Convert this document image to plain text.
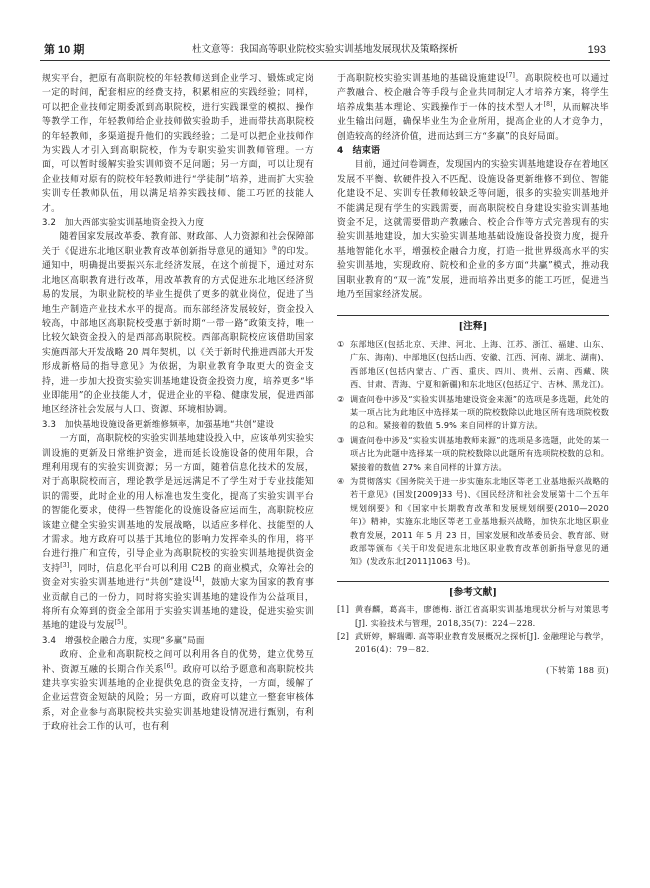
第 10 期	杜文意等：我国高等职业院校实验实训基地发展现状及策略探析	193

规实平台，把原有高职院校的年轻教师送到企业学习、锻炼或定岗一定的时间，配套相应的经费支持，积累相应的实践经验；同样，可以把企业技师定期委派到高职院校，进行实践课堂的模拟、操作等教学工作，年轻教师给企业技师做实验助手，进而带扶高职院校的年轻教师，多渠道提升他们的实践经验；二是可以把企业技师作为实践人才引入到高职院校，作为专职实验实训教师管理。一方面，可以暂时缓解实验实训师资不足问题；另一方面，可以让现有企业技师对原有的院校年轻教师进行“学徒制”培养，进而扩大实验实训专任教师队伍，用以满足培养实践技师、能工巧匠的技能人才。

3.2　加大西部实验实训基地资金投入力度

随着国家发展改革委、教育部、财政部、人力资源和社会保障部关于《促进东北地区职业教育改革创新指导意见的通知》③的印发。通知中，明确提出要振兴东北经济发展，在这个前提下，通过对东北地区高职教育进行改革，用改革教育的方式促进东北地区经济贸易的发展，为职业院校的毕业生提供了更多的就业岗位，促进了当地生产制造产业技术水平的提高。而东部经济发展较好，资金投入较高，中部地区高职院校受惠于新时期“一带一路”政策支持，唯一比较欠缺资金投入的是西部高职院校。西部高职院校应该借助国家实施西部大开发战略 20 周年契机，以《关于新时代推进西部大开发形成新格局的指导意见》为依据，为职业教育争取更大的资金支持，进一步加大投资实验实训基地建设资金投资力度，培养更多“毕业即能用”的企业技能人才，促进企业的平稳、健康发展，促进西部地区经济社会发展与人口、资源、环境相协调。

3.3　加快基地设施设备更新维修频率，加强基地“共创”建设

一方面，高职院校的实验实训基地建设投入中，应该单列实验实训设施的更新及日常维护资金，进而延长设施设备的使用年限，合理利用现有的实验实训资源；另一方面，随着信息化技术的发展，对于高职院校而言，理论教学是远远满足不了学生对于专业技能知识的需要，此时企业的用人标准也发生变化，提高了实验实训平台的智能化要求，使得一些智能化的设施设备应运而生，高职院校应该建立健全实验实训基地的发展战略，以适应多样化、技能型的人才需求。地方政府可以基于其地位的影响力发挥牵头的作用，将平台进行推广和宣传，引导企业为高职院校的实验实训基地提供资金支持[3]，同时，信息化平台可以利用 C2B 的商业模式，众筹社会的资金对实验实训基地进行“共创”建设[4]，鼓励大家为国家的教育事业贡献自己的一份力，同时将实验实训基地的建设作为公益项目，将所有众筹到的资金全部用于实验实训基地的建设，促进实验实训基地的建设与发展[5]。

3.4　增强校企融合力度，实现“多赢”局面

政府、企业和高职院校之间可以利用各自的优势，建立优势互补、资源互融的长期合作关系[6]。政府可以给予愿意和高职院校共建共享实验实训基地的企业提供免息的资金支持，一方面，缓解了企业运营资金短缺的风险；另一方面，政府可以建立一整套审核体系，对企业参与高职院校共实验实训基地建设情况进行甄别，有利于政府社会工作的认可，也有利

于高职院校实验实训基地的基础设施建设[7]。高职院校也可以通过产教融合、校企融合等手段与企业共同制定人才培养方案，将学生培养成集基本理论、实践操作于一体的技术型人才[8]，从而解决毕业生输出问题，确保毕业生为企业所用，提高企业的人才竞争力，创造较高的经济价值，进而达到三方“多赢”的良好局面。

4　结束语

目前，通过问卷调查，发现国内的实验实训基地建设存在着地区发展不平衡、软硬件投入不匹配、设施设备更新维修不到位、智能化建设不足、实训专任教师较缺乏等问题，很多的实验实训基地并不能满足现有学生的实践需要，而高职院校自身建设实验实训基地资金不足，这就需要借助产教融合、校企合作等方式完善现有的实验实训基地建设，加大实验实训基地基础设施设备投资力度，提升基地智能化水平，增强校企融合力度，打造一批世界级高水平的实验实训基地，实现政府、院校和企业的多方面“共赢”模式，推动我国职业教育的“双一流”发展，进而培养出更多的能工巧匠，促进当地乃至国家经济发展。

[注释]
① 东部地区(包括北京、天津、河北、上海、江苏、浙江、福建、山东、广东、海南)、中部地区(包括山西、安徽、江西、河南、湖北、湖南)、西部地区(包括内蒙古、广西、重庆、四川、贵州、云南、西藏、陕西、甘肃、青海、宁夏和新疆)和东北地区(包括辽宁、吉林、黑龙江)。
② 调查问卷中涉及“实验实训基地建设资金来源”的选项是多选题，此处的某一项占比为此地区中选择某一项的院校数除以此地区所有选项院校数的总和。紧接着的数值 5.9% 来自同样的计算方法。
③ 调查问卷中涉及“实验实训基地教师来源”的选项是多选题，此处的某一项占比为此题中选择某一项的院校数除以此题所有选项院校数的总和。紧接着的数值 27% 来自同样的计算方法。
④ 为贯彻落实《国务院关于进一步实施东北地区等老工业基地振兴战略的若干意见》(国发[2009]33 号)、《国民经济和社会发展第十二个五年规划纲要》和《国家中长期教育改革和发展规划纲要(2010—2020 年)》精神，实施东北地区等老工业基地振兴战略，加快东北地区职业教育发展，2011 年 5 月 23 日，国家发展和改革委员会、教育部、财政部等颁布《关于印发促进东北地区职业教育改革创新指导意见的通知》(发改东北[2011]1063 号)。
[参考文献]
[1] 黄春麟，葛高丰，廖德梅. 浙江省高职实训基地现状分析与对策思考[J]. 实验技术与管理，2018,35(7)：224－228.
[2] 武妍婷，解瑞卿. 高等职业教育发展概况之探析[J]. 金融理论与教学，2016(4)：79－82.
(下转第 188 页)
